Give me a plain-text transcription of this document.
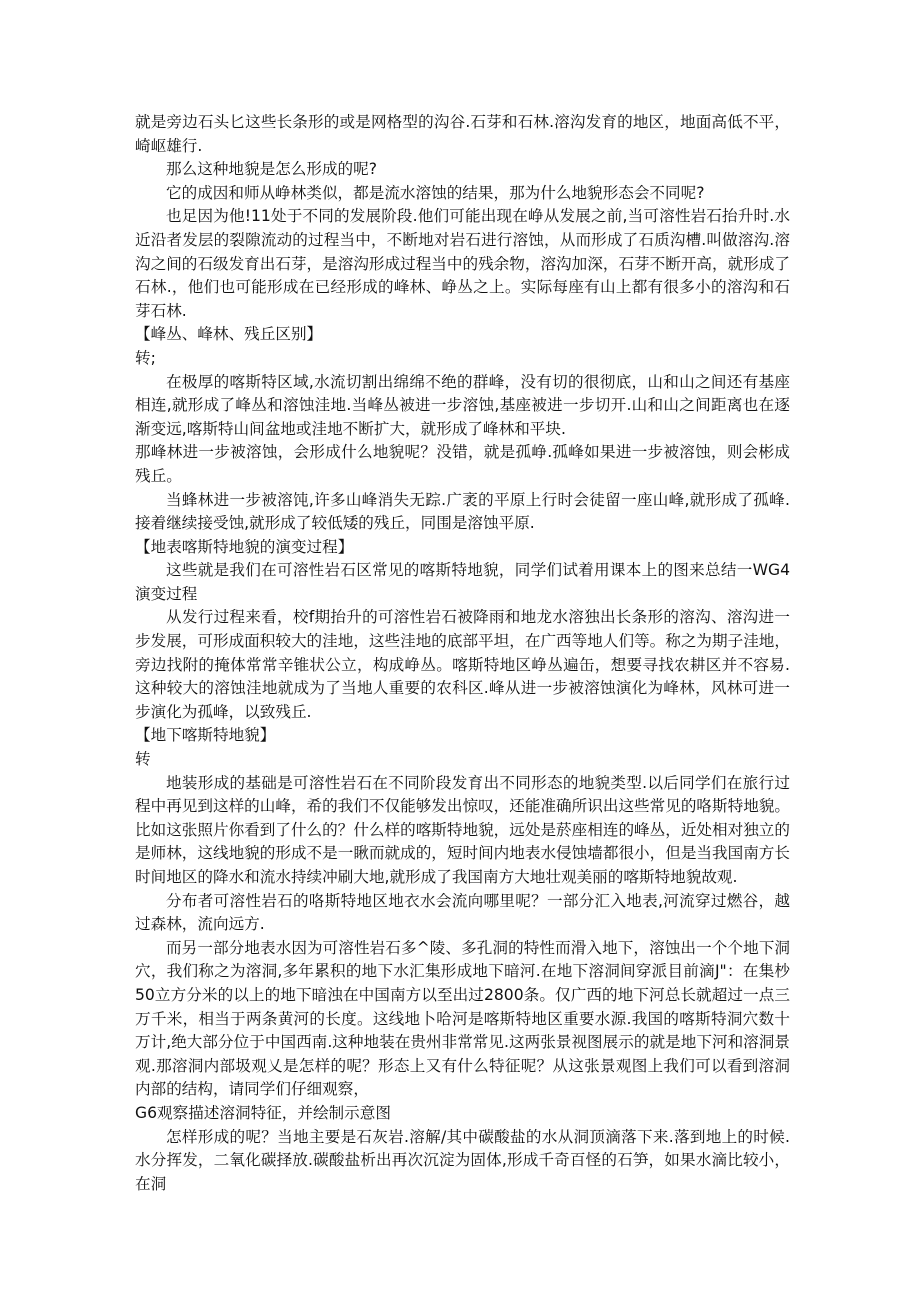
就是旁边石头匕这些长条形的或是网格型的沟谷.石芽和石林.溶沟发育的地区，地面高低不平，崎岖雄行.

那么这种地貌是怎么形成的呢?

它的成因和师从峥林类似，都是流水溶蚀的结果，那为什么地貌形态会不同呢?

也足因为他!11处于不同的发展阶段.他们可能出现在峥从发展之前,当可溶性岩石抬升时.水近沿者发层的裂隙流动的过程当中，不断地对岩石进行溶蚀，从而形成了石质沟槽.叫做溶沟.溶沟之间的石级发育出石芽，是溶沟形成过程当中的残余物，溶沟加深，石芽不断开高，就形成了石林.，他们也可能形成在已经形成的峰林、峥丛之上。实际每座有山上都有很多小的溶沟和石芽石林.

【峰丛、峰林、残丘区别】

转;

在极厚的喀斯特区域,水流切割出绵绵不绝的群峰，没有切的很彻底，山和山之间还有基座相连,就形成了峰丛和溶蚀洼地.当峰丛被进一步溶蚀,基座被进一步切开.山和山之间距离也在逐渐变远,喀斯特山间盆地或洼地不断扩大，就形成了峰林和平块.

那峰林进一步被溶蚀，会形成什么地貌呢？没错，就是孤峥.孤峰如果进一步被溶蚀，则会彬成残丘。

当蜂林进一步被溶饨,许多山峰消失无踪.广袤的平原上行时会徒留一座山峰,就形成了孤峰.接着继续接受蚀,就形成了较低矮的残丘，同围是溶蚀平原.

【地表喀斯特地貌的演变过程】

这些就是我们在可溶性岩石区常见的喀斯特地貌，同学们试着用课本上的图来总结一WG4演变过程

从发行过程来看，校f期抬升的可溶性岩石被降雨和地龙水溶独出长条形的溶沟、溶沟进一步发展，可形成面积较大的洼地，这些洼地的底部平坦，在广西等地人们等。称之为期子洼地，旁边找附的掩体常常辛锥状公立，构成峥丛。喀斯特地区峥丛遍缶，想要寻找农耕区并不容易.这种较大的溶蚀洼地就成为了当地人重要的农科区.峰从进一步被溶蚀演化为峰林，风林可进一步演化为孤峰，以致残丘.

【地下喀斯特地貌】

转

地装形成的基础是可溶性岩石在不同阶段发育出不同形态的地貌类型.以后同学们在旅行过程中再见到这样的山峰，希的我们不仅能够发出惊叹，还能准确所识出这些常见的咯斯特地貌。比如这张照片你看到了什么的？什么样的喀斯特地貌，远处是菸座相连的峰丛，近处相对独立的是师林，这线地貌的形成不是一瞅而就成的，短时间内地表水侵蚀墙都很小，但是当我国南方长时间地区的降水和流水持续冲刷大地,就形成了我国南方大地壮观美丽的喀斯特地貌故观.

分布者可溶性岩石的咯斯特地区地衣水会流向哪里呢？一部分汇入地表,河流穿过燃谷，越过森林，流向远方.

而另一部分地表水因为可溶性岩石多^陵、多孔洞的特性而滑入地下，溶蚀出一个个地下洞穴，我们称之为溶洞,多年累积的地下水汇集形成地下暗河.在地下溶洞间穿派目前滴J"：在集杪50立方分米的以上的地下暗浊在中国南方以至出过2800条。仅广西的地下河总长就超过一点三万千米，相当于两条黄河的长度。这线地卜哈河是喀斯特地区重要水源.我国的喀斯特洞穴数十万计,绝大部分位于中国西南.这种地装在贵州非常常见.这两张景视图展示的就是地下河和溶洞景观.那溶洞内部圾观乂是怎样的呢？形态上又有什么特征呢？从这张景观图上我们可以看到溶洞内部的结构，请同学们仔细观察，

G6观察描述溶洞特征，并绘制示意图

怎样形成的呢？当地主要是石灰岩.溶解/其中碳酸盐的水从洞顶滴落下来.落到地上的时候.水分挥发，二氧化碳择放.碳酸盐析出再次沉淀为固体,形成千奇百怪的石笋，如果水滴比较小，在洞
